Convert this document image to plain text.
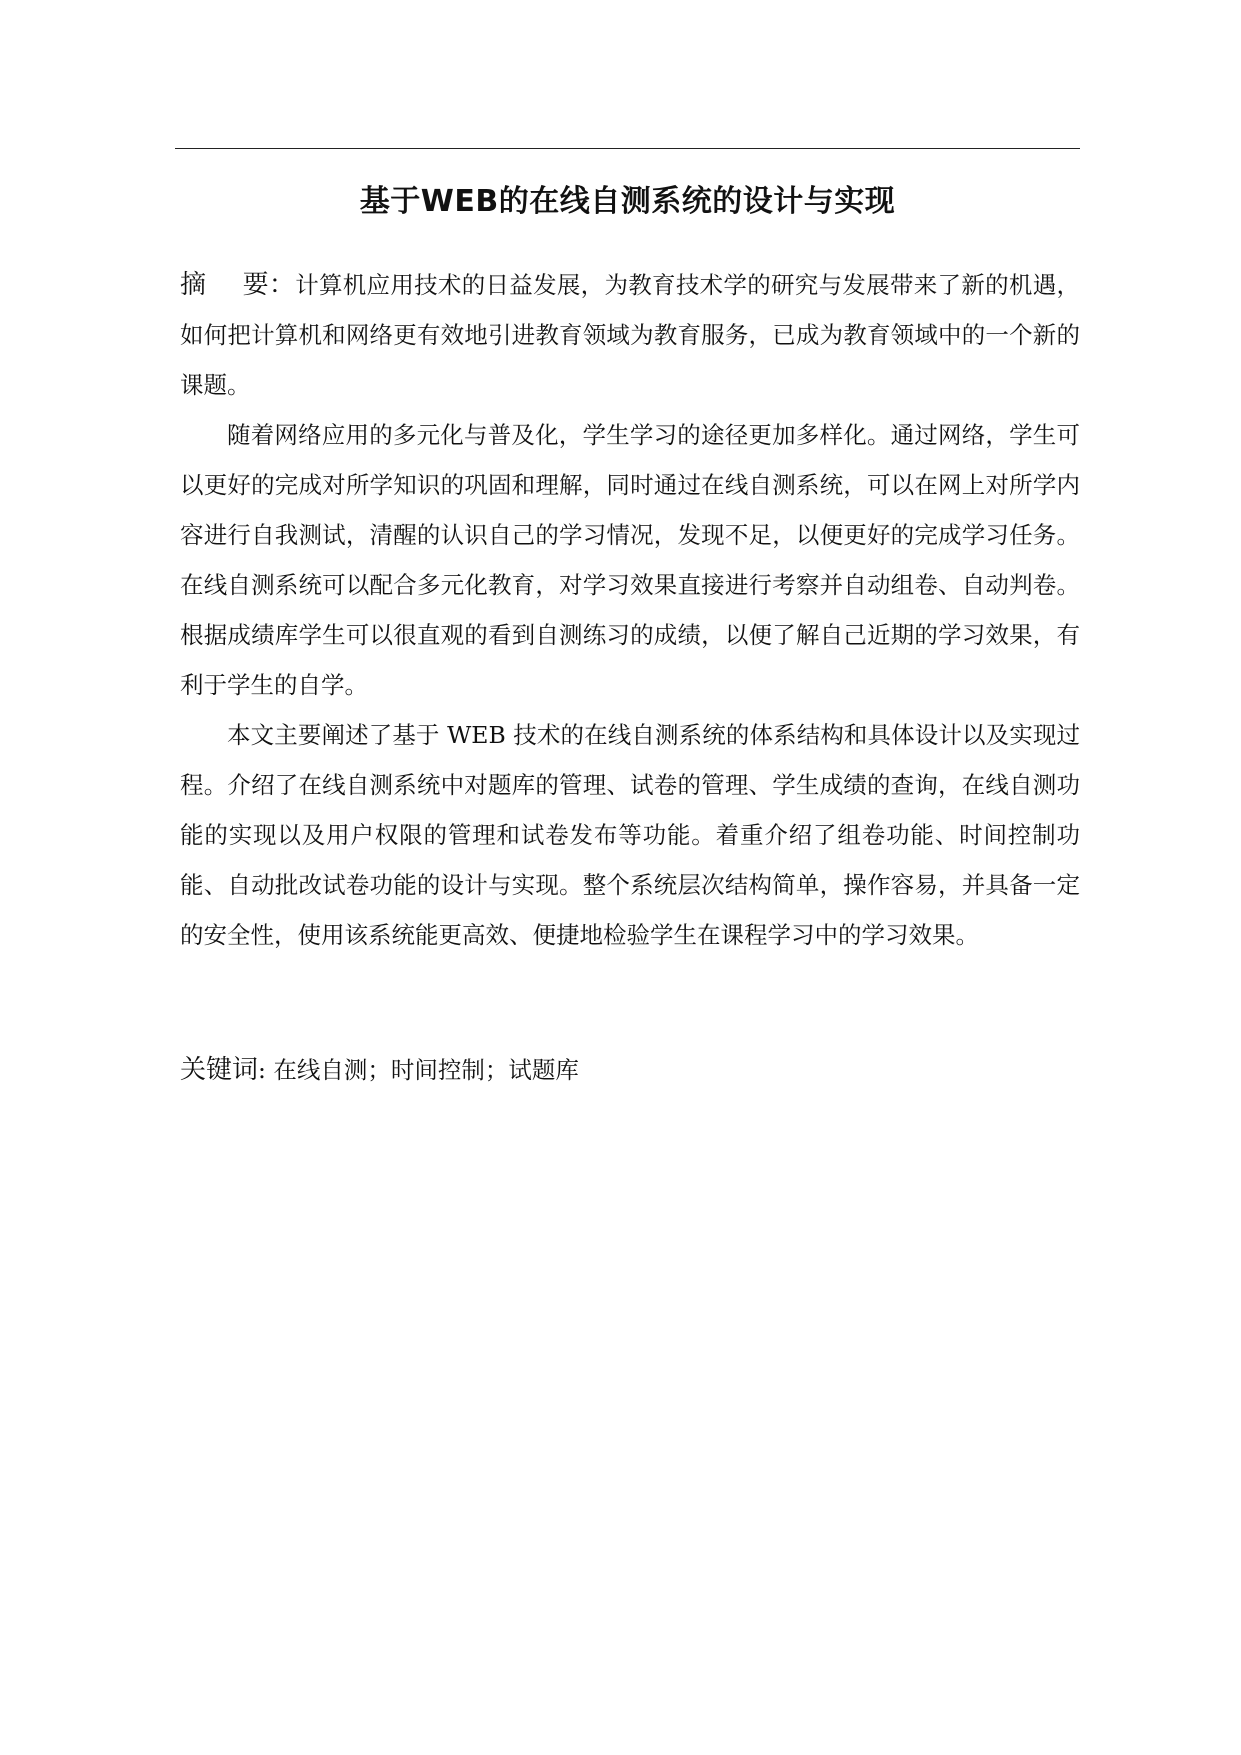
基于WEB的在线自测系统的设计与实现

摘 要：计算机应用技术的日益发展，为教育技术学的研究与发展带来了新的机遇，如何把计算机和网络更有效地引进教育领域为教育服务，已成为教育领域中的一个新的课题。

随着网络应用的多元化与普及化，学生学习的途径更加多样化。通过网络，学生可以更好的完成对所学知识的巩固和理解，同时通过在线自测系统，可以在网上对所学内容进行自我测试，清醒的认识自己的学习情况，发现不足，以便更好的完成学习任务。在线自测系统可以配合多元化教育，对学习效果直接进行考察并自动组卷、自动判卷。根据成绩库学生可以很直观的看到自测练习的成绩，以便了解自己近期的学习效果，有利于学生的自学。

本文主要阐述了基于 WEB 技术的在线自测系统的体系结构和具体设计以及实现过程。介绍了在线自测系统中对题库的管理、试卷的管理、学生成绩的查询，在线自测功能的实现以及用户权限的管理和试卷发布等功能。着重介绍了组卷功能、时间控制功能、自动批改试卷功能的设计与实现。整个系统层次结构简单，操作容易，并具备一定的安全性，使用该系统能更高效、便捷地检验学生在课程学习中的学习效果。

关键词: 在线自测；时间控制；试题库
